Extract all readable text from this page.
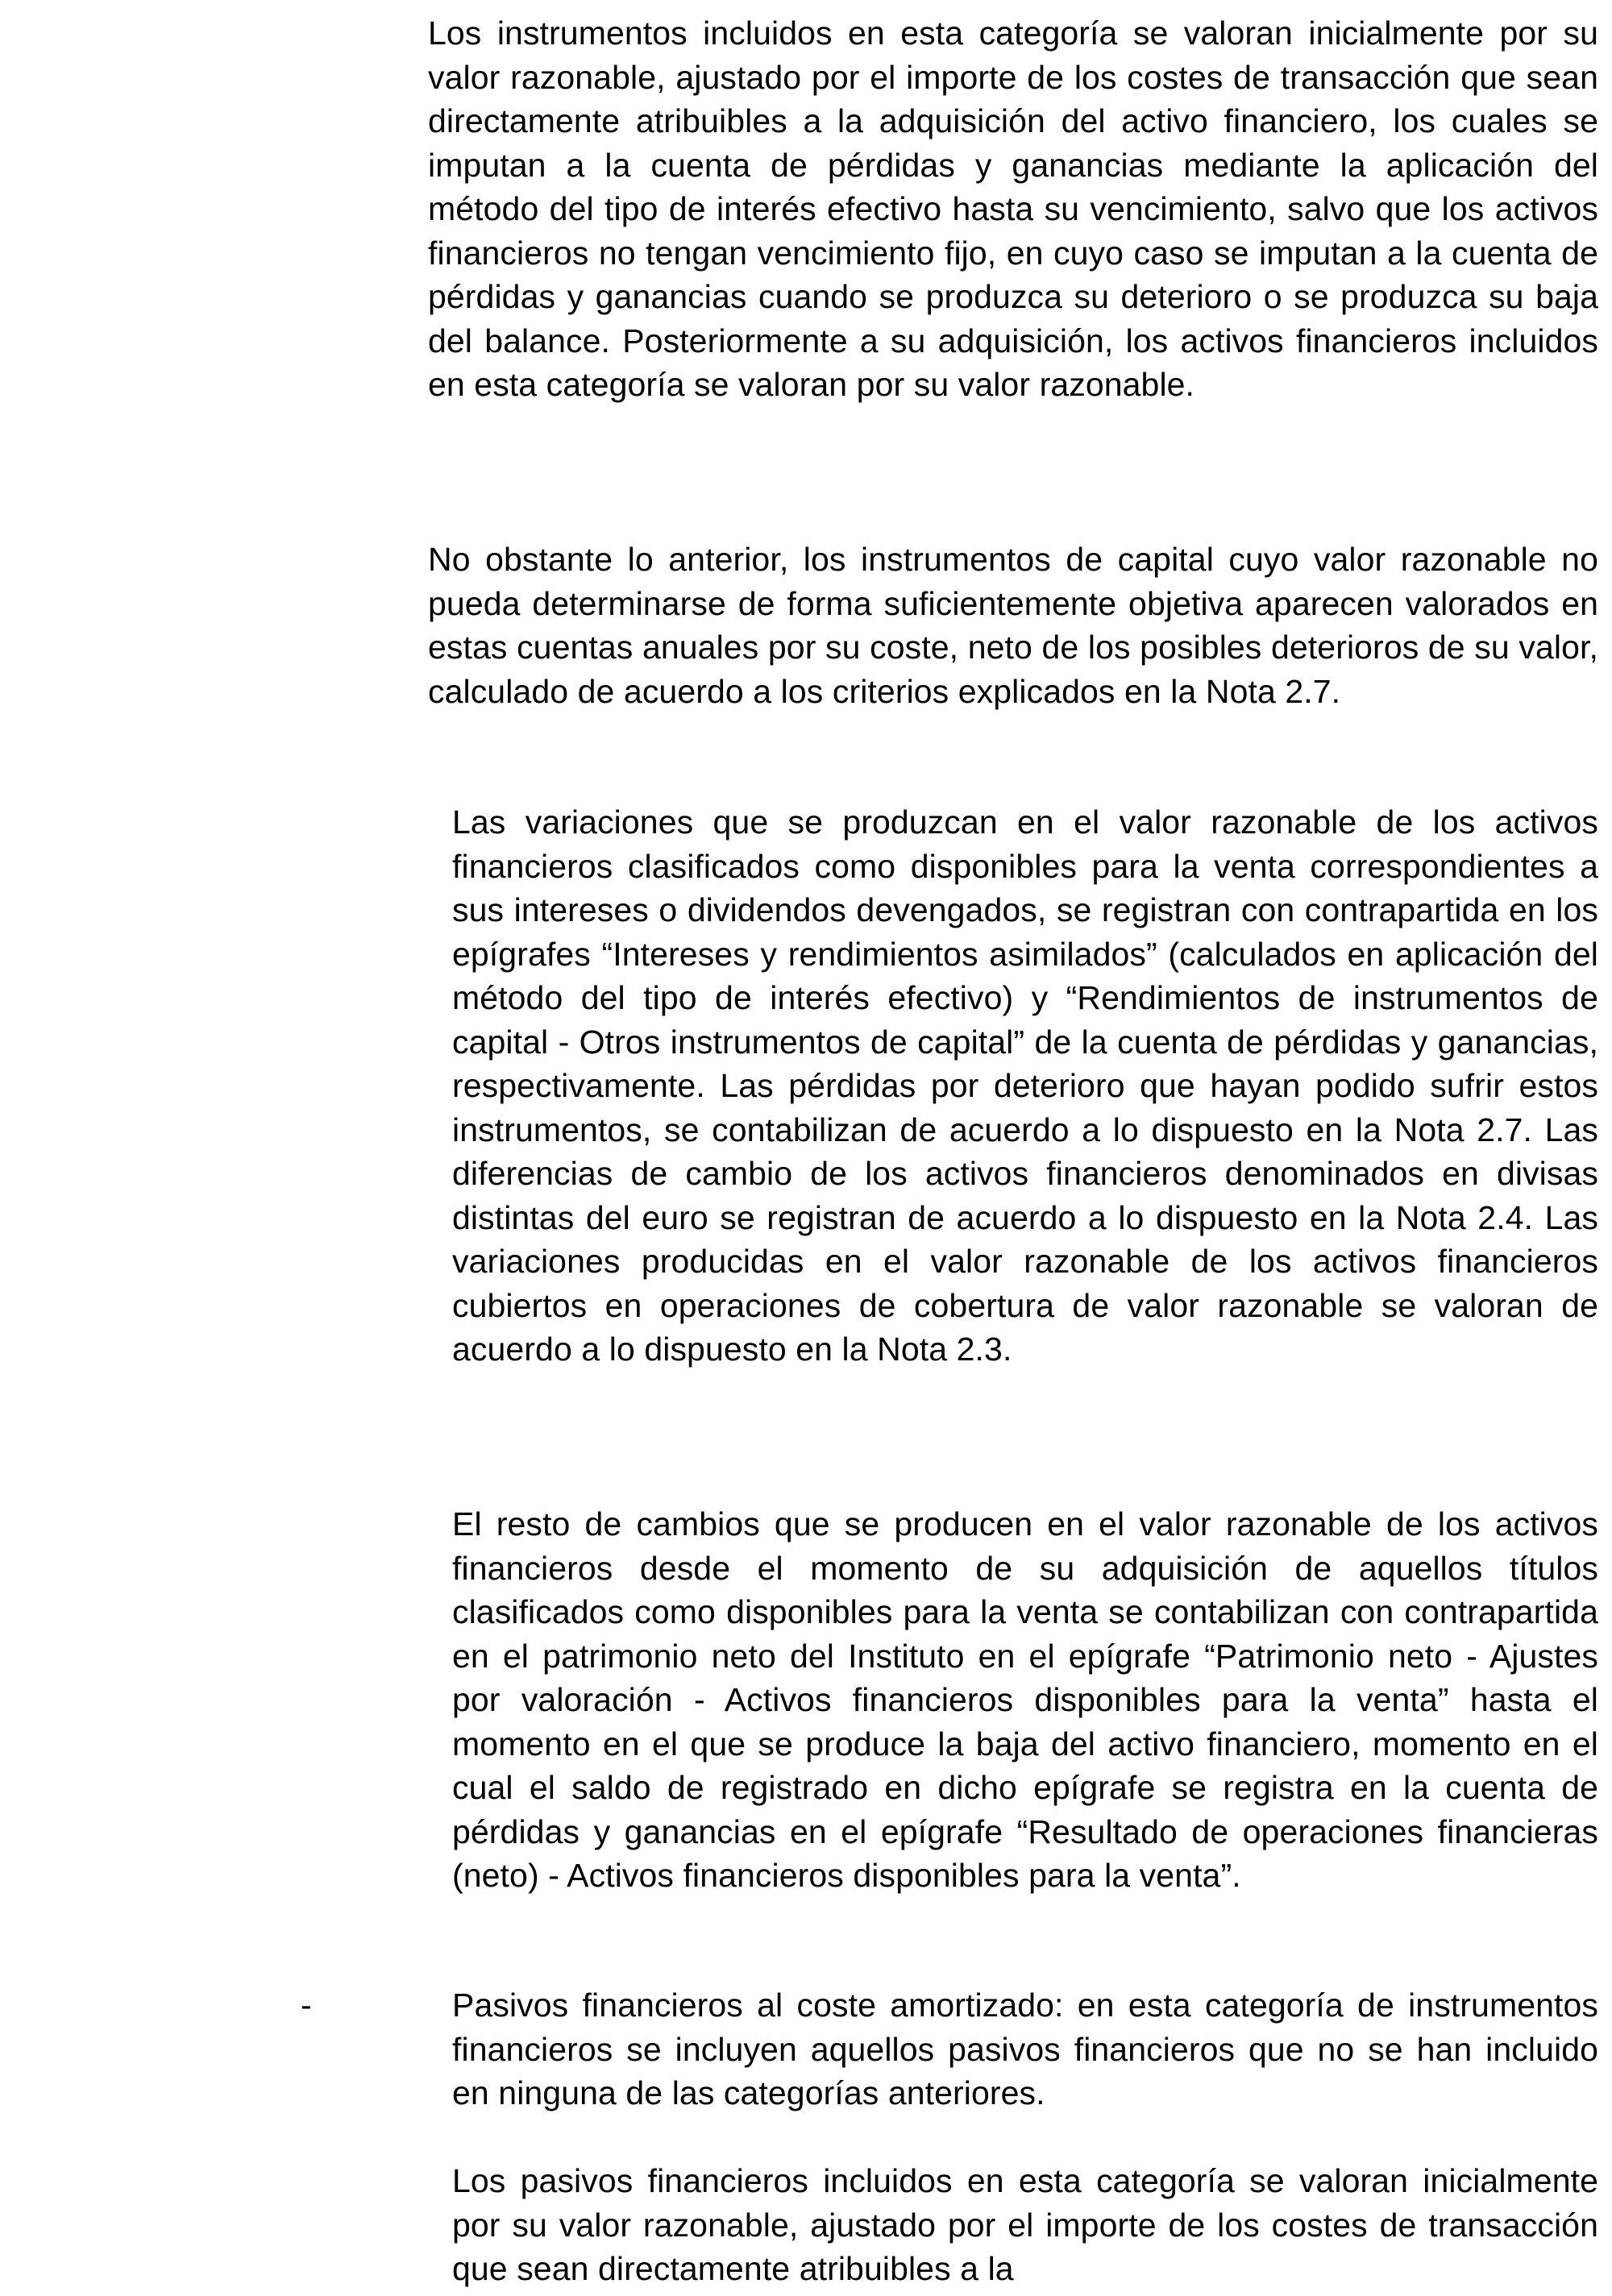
Los instrumentos incluidos en esta categoría se valoran inicialmente por su valor razonable, ajustado por el importe de los costes de transacción que sean directamente atribuibles a la adquisición del activo financiero, los cuales se imputan a la cuenta de pérdidas y ganancias mediante la aplicación del método del tipo de interés efectivo hasta su vencimiento, salvo que los activos financieros no tengan vencimiento fijo, en cuyo caso se imputan a la cuenta de pérdidas y ganancias cuando se produzca su deterioro o se produzca su baja del balance. Posteriormente a su adquisición, los activos financieros incluidos en esta categoría se valoran por su valor razonable.

No obstante lo anterior, los instrumentos de capital cuyo valor razonable no pueda determinarse de forma suficientemente objetiva aparecen valorados en estas cuentas anuales por su coste, neto de los posibles deterioros de su valor, calculado de acuerdo a los criterios explicados en la Nota 2.7.

Las variaciones que se produzcan en el valor razonable de los activos financieros clasificados como disponibles para la venta correspondientes a sus intereses o dividendos devengados, se registran con contrapartida en los epígrafes “Intereses y rendimientos asimilados” (calculados en aplicación del método del tipo de interés efectivo) y “Rendimientos de instrumentos de capital - Otros instrumentos de capital” de la cuenta de pérdidas y ganancias, respectivamente. Las pérdidas por deterioro que hayan podido sufrir estos instrumentos, se contabilizan de acuerdo a lo dispuesto en la Nota 2.7. Las diferencias de cambio de los activos financieros denominados en divisas distintas del euro se registran de acuerdo a lo dispuesto en la Nota 2.4. Las variaciones producidas en el valor razonable de los activos financieros cubiertos en operaciones de cobertura de valor razonable se valoran de acuerdo a lo dispuesto en la Nota 2.3.

El resto de cambios que se producen en el valor razonable de los activos financieros desde el momento de su adquisición de aquellos títulos clasificados como disponibles para la venta se contabilizan con contrapartida en el patrimonio neto del Instituto en el epígrafe “Patrimonio neto - Ajustes por valoración - Activos financieros disponibles para la venta” hasta el momento en el que se produce la baja del activo financiero, momento en el cual el saldo de registrado en dicho epígrafe se registra en la cuenta de pérdidas y ganancias en el epígrafe “Resultado de operaciones financieras (neto) - Activos financieros disponibles para la venta”.

-	Pasivos financieros al coste amortizado: en esta categoría de instrumentos financieros se incluyen aquellos pasivos financieros que no se han incluido en ninguna de las categorías anteriores.

Los pasivos financieros incluidos en esta categoría se valoran inicialmente por su valor razonable, ajustado por el importe de los costes de transacción que sean directamente atribuibles a la
